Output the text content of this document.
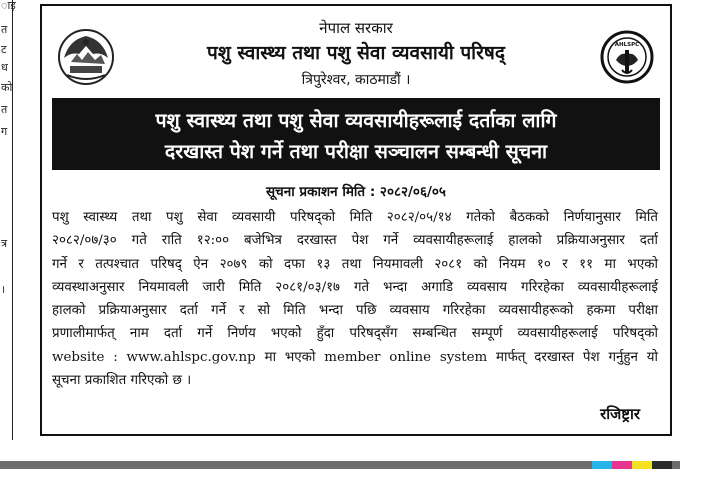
ाइ
त
ट
ध
को
त
ग
त्र
।
नेपाल सरकार
पशु स्वास्थ्य तथा पशु सेवा व्यवसायी परिषद्
त्रिपुरेश्वर, काठमाडौं ।
AHLSPC
पशु स्वास्थ्य तथा पशु सेवा व्यवसायीहरूलाई दर्ताका लागि
दरखास्त पेश गर्ने तथा परीक्षा सञ्चालन सम्बन्धी सूचना
सूचना प्रकाशन मिति : २०८२/०६/०५
पशु स्वास्थ्य तथा पशु सेवा व्यवसायी परिषद्को मिति २०८२/०५/१४ गतेको बैठकको निर्णयानुसार मिति
२०८२/०७/३० गते राति १२:०० बजेभित्र दरखास्त पेश गर्ने व्यवसायीहरूलाई हालको प्रक्रियाअनुसार दर्ता
गर्ने र तत्पश्चात परिषद् ऐन २०७९ को दफा १३ तथा नियमावली २०८१ को नियम १० र ११ मा भएको
व्यवस्थाअनुसार नियमावली जारी मिति २०८१/०३/१७ गते भन्दा अगाडि व्यवसाय गरिरहेका व्यवसायीहरूलाई
हालको प्रक्रियाअनुसार दर्ता गर्ने र सो मिति भन्दा पछि व्यवसाय गरिरहेका व्यवसायीहरूको हकमा परीक्षा
प्रणालीमार्फत् नाम दर्ता गर्ने निर्णय भएकोे हुँदा परिषद्सँग सम्बन्धित सम्पूर्ण व्यवसायीहरूलाई परिषद्को
website : www.ahlspc.gov.np मा भएको member online system मार्फत् दरखास्त पेश गर्नुहुन यो
सूचना प्रकाशित गरिएको छ ।
रजिष्ट्रार
